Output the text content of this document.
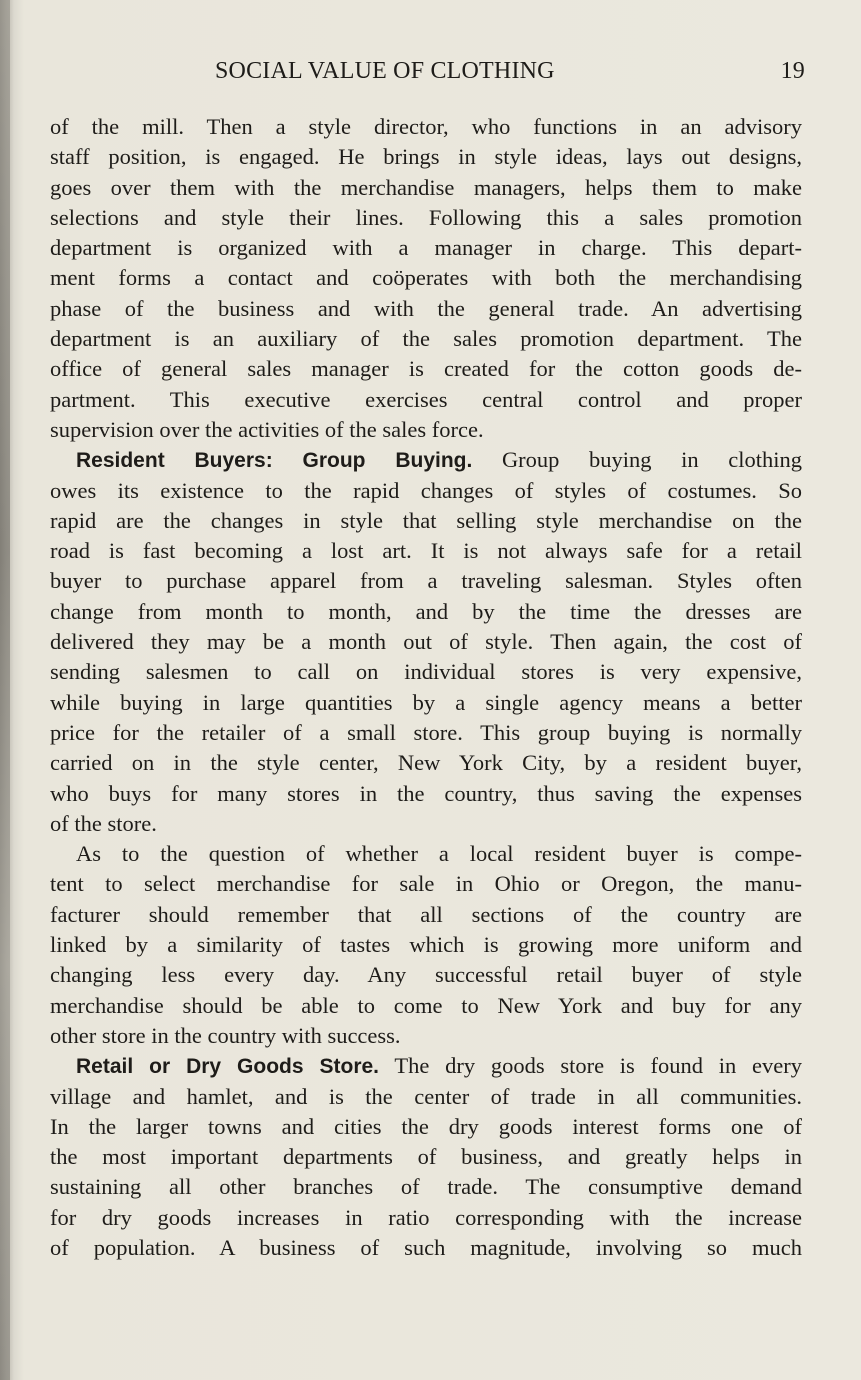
SOCIAL VALUE OF CLOTHING	19
of the mill. Then a style director, who functions in an advisory
staff position, is engaged. He brings in style ideas, lays out designs,
goes over them with the merchandise managers, helps them to make
selections and style their lines. Following this a sales promotion
department is organized with a manager in charge. This depart-
ment forms a contact and coöperates with both the merchandising
phase of the business and with the general trade. An advertising
department is an auxiliary of the sales promotion department. The
office of general sales manager is created for the cotton goods de-
partment. This executive exercises central control and proper
supervision over the activities of the sales force.
Resident Buyers: Group Buying. Group buying in clothing
owes its existence to the rapid changes of styles of costumes. So
rapid are the changes in style that selling style merchandise on the
road is fast becoming a lost art. It is not always safe for a retail
buyer to purchase apparel from a traveling salesman. Styles often
change from month to month, and by the time the dresses are
delivered they may be a month out of style. Then again, the cost of
sending salesmen to call on individual stores is very expensive,
while buying in large quantities by a single agency means a better
price for the retailer of a small store. This group buying is normally
carried on in the style center, New York City, by a resident buyer,
who buys for many stores in the country, thus saving the expenses
of the store.
As to the question of whether a local resident buyer is compe-
tent to select merchandise for sale in Ohio or Oregon, the manu-
facturer should remember that all sections of the country are
linked by a similarity of tastes which is growing more uniform and
changing less every day. Any successful retail buyer of style
merchandise should be able to come to New York and buy for any
other store in the country with success.
Retail or Dry Goods Store. The dry goods store is found in every
village and hamlet, and is the center of trade in all communities.
In the larger towns and cities the dry goods interest forms one of
the most important departments of business, and greatly helps in
sustaining all other branches of trade. The consumptive demand
for dry goods increases in ratio corresponding with the increase
of population. A business of such magnitude, involving so much
